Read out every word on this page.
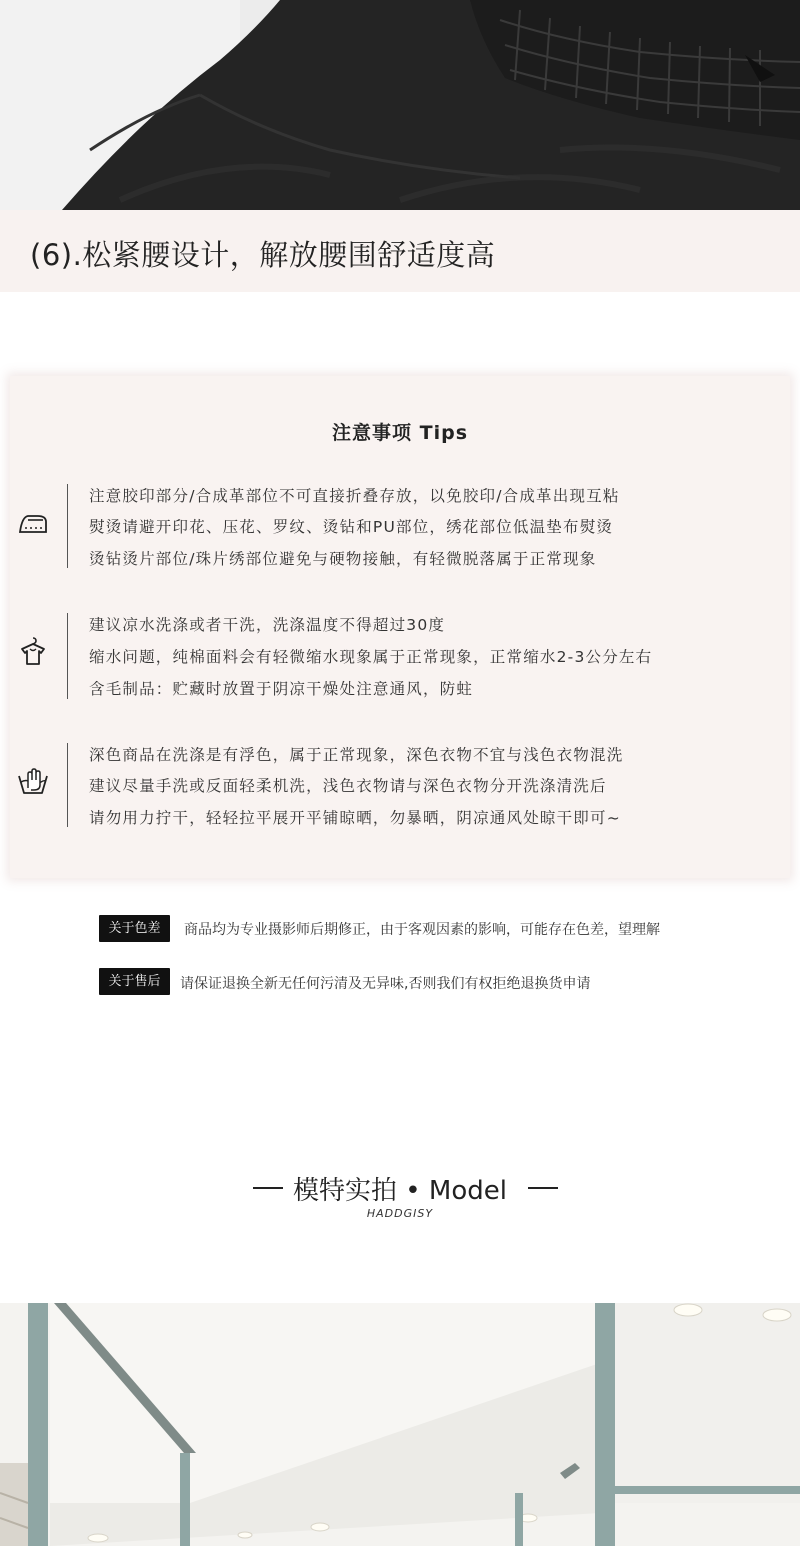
(6).松紧腰设计，解放腰围舒适度高
注意事项 Tips
注意胶印部分/合成革部位不可直接折叠存放，以免胶印/合成革出现互粘
熨烫请避开印花、压花、罗纹、烫钻和PU部位，绣花部位低温垫布熨烫
烫钻烫片部位/珠片绣部位避免与硬物接触，有轻微脱落属于正常现象
建议凉水洗涤或者干洗，洗涤温度不得超过30度
缩水问题，纯棉面料会有轻微缩水现象属于正常现象，正常缩水2-3公分左右
含毛制品：贮藏时放置于阴凉干燥处注意通风，防蛀
深色商品在洗涤是有浮色，属于正常现象，深色衣物不宜与浅色衣物混洗
建议尽量手洗或反面轻柔机洗，浅色衣物请与深色衣物分开洗涤清洗后
请勿用力拧干，轻轻拉平展开平铺晾晒，勿暴晒，阴凉通风处晾干即可~
关于色差	商品均为专业摄影师后期修正，由于客观因素的影响，可能存在色差，望理解
关于售后	请保证退换全新无任何污清及无异味,否则我们有权拒绝退换货申请
模特实拍 • Model
HADDGISY
